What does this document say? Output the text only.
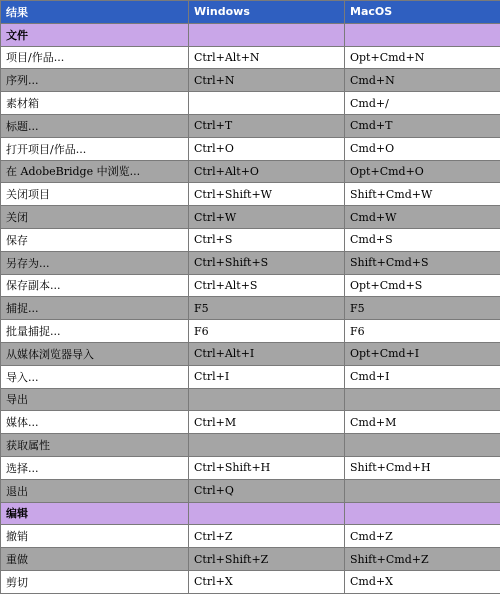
结果	Windows	MacOS
文件		
项目/作品...	Ctrl+Alt+N	Opt+Cmd+N
序列...	Ctrl+N	Cmd+N
素材箱		Cmd+/
标题...	Ctrl+T	Cmd+T
打开项目/作品...	Ctrl+O	Cmd+O
在 AdobeBridge 中浏览...	Ctrl+Alt+O	Opt+Cmd+O
关闭项目	Ctrl+Shift+W	Shift+Cmd+W
关闭	Ctrl+W	Cmd+W
保存	Ctrl+S	Cmd+S
另存为...	Ctrl+Shift+S	Shift+Cmd+S
保存副本...	Ctrl+Alt+S	Opt+Cmd+S
捕捉...	F5	F5
批量捕捉...	F6	F6
从媒体浏览器导入	Ctrl+Alt+I	Opt+Cmd+I
导入...	Ctrl+I	Cmd+I
导出		
媒体...	Ctrl+M	Cmd+M
获取属性		
选择...	Ctrl+Shift+H	Shift+Cmd+H
退出	Ctrl+Q	
编辑		
撤销	Ctrl+Z	Cmd+Z
重做	Ctrl+Shift+Z	Shift+Cmd+Z
剪切	Ctrl+X	Cmd+X
